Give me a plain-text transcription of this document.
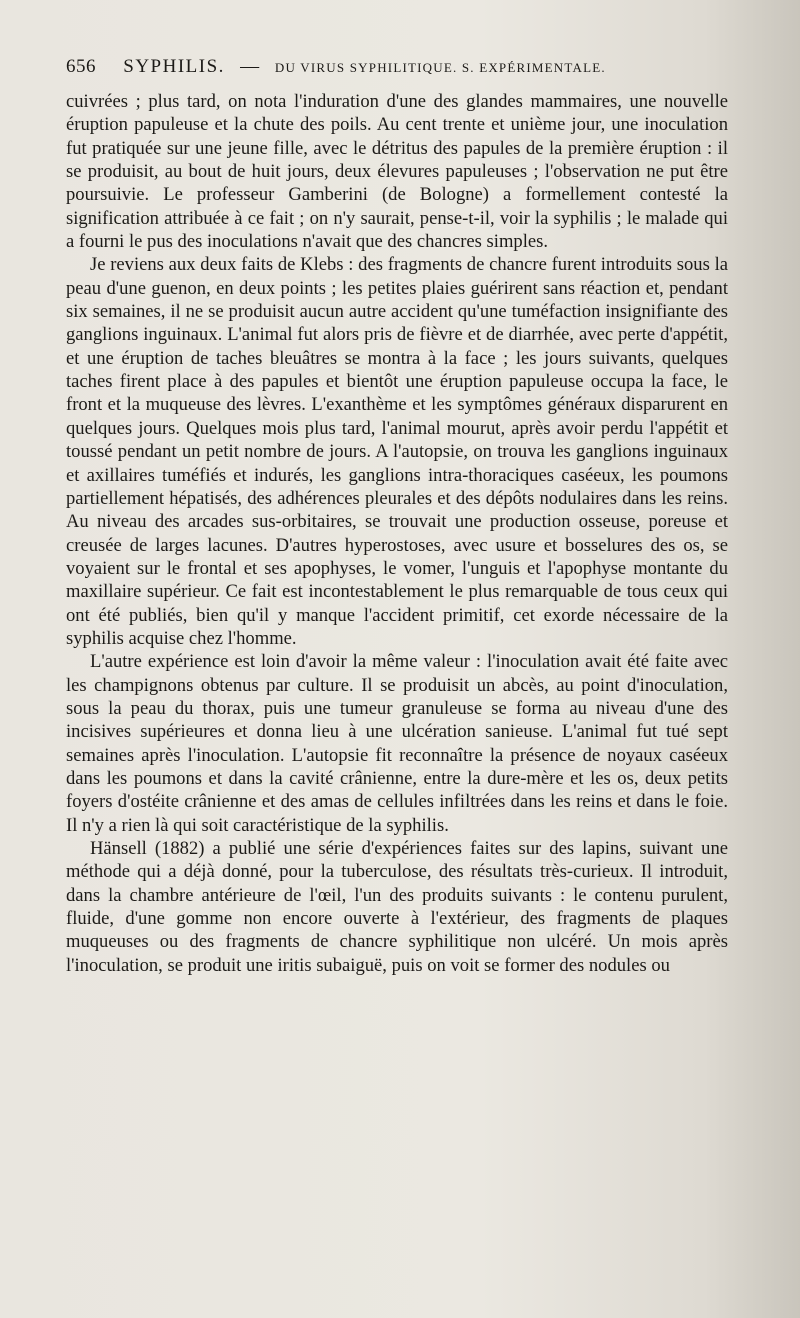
656 SYPHILIS. — DU VIRUS SYPHILITIQUE. S. EXPÉRIMENTALE.

cuivrées ; plus tard, on nota l'induration d'une des glandes mammaires, une nouvelle éruption papuleuse et la chute des poils. Au cent trente et unième jour, une inoculation fut pratiquée sur une jeune fille, avec le détritus des papules de la première éruption : il se produisit, au bout de huit jours, deux élevures papuleuses ; l'observation ne put être poursuivie. Le professeur Gamberini (de Bologne) a formellement contesté la signification attribuée à ce fait ; on n'y saurait, pense-t-il, voir la syphilis ; le malade qui a fourni le pus des inoculations n'avait que des chancres simples.

Je reviens aux deux faits de Klebs : des fragments de chancre furent introduits sous la peau d'une guenon, en deux points ; les petites plaies guérirent sans réaction et, pendant six semaines, il ne se produisit aucun autre accident qu'une tuméfaction insignifiante des ganglions inguinaux. L'animal fut alors pris de fièvre et de diarrhée, avec perte d'appétit, et une éruption de taches bleuâtres se montra à la face ; les jours suivants, quelques taches firent place à des papules et bientôt une éruption papuleuse occupa la face, le front et la muqueuse des lèvres. L'exanthème et les symptômes généraux disparurent en quelques jours. Quelques mois plus tard, l'animal mourut, après avoir perdu l'appétit et toussé pendant un petit nombre de jours. A l'autopsie, on trouva les ganglions inguinaux et axillaires tuméfiés et indurés, les ganglions intra-thoraciques caséeux, les poumons partiellement hépatisés, des adhérences pleurales et des dépôts nodulaires dans les reins. Au niveau des arcades sus-orbitaires, se trouvait une production osseuse, poreuse et creusée de larges lacunes. D'autres hyperostoses, avec usure et bosselures des os, se voyaient sur le frontal et ses apophyses, le vomer, l'unguis et l'apophyse montante du maxillaire supérieur. Ce fait est incontestablement le plus remarquable de tous ceux qui ont été publiés, bien qu'il y manque l'accident primitif, cet exorde nécessaire de la syphilis acquise chez l'homme.

L'autre expérience est loin d'avoir la même valeur : l'inoculation avait été faite avec les champignons obtenus par culture. Il se produisit un abcès, au point d'inoculation, sous la peau du thorax, puis une tumeur granuleuse se forma au niveau d'une des incisives supérieures et donna lieu à une ulcération sanieuse. L'animal fut tué sept semaines après l'inoculation. L'autopsie fit reconnaître la présence de noyaux caséeux dans les poumons et dans la cavité crânienne, entre la dure-mère et les os, deux petits foyers d'ostéite crânienne et des amas de cellules infiltrées dans les reins et dans le foie. Il n'y a rien là qui soit caractéristique de la syphilis.

Hänsell (1882) a publié une série d'expériences faites sur des lapins, suivant une méthode qui a déjà donné, pour la tuberculose, des résultats très-curieux. Il introduit, dans la chambre antérieure de l'œil, l'un des produits suivants : le contenu purulent, fluide, d'une gomme non encore ouverte à l'extérieur, des fragments de plaques muqueuses ou des fragments de chancre syphilitique non ulcéré. Un mois après l'inoculation, se produit une iritis subaiguë, puis on voit se former des nodules ou
